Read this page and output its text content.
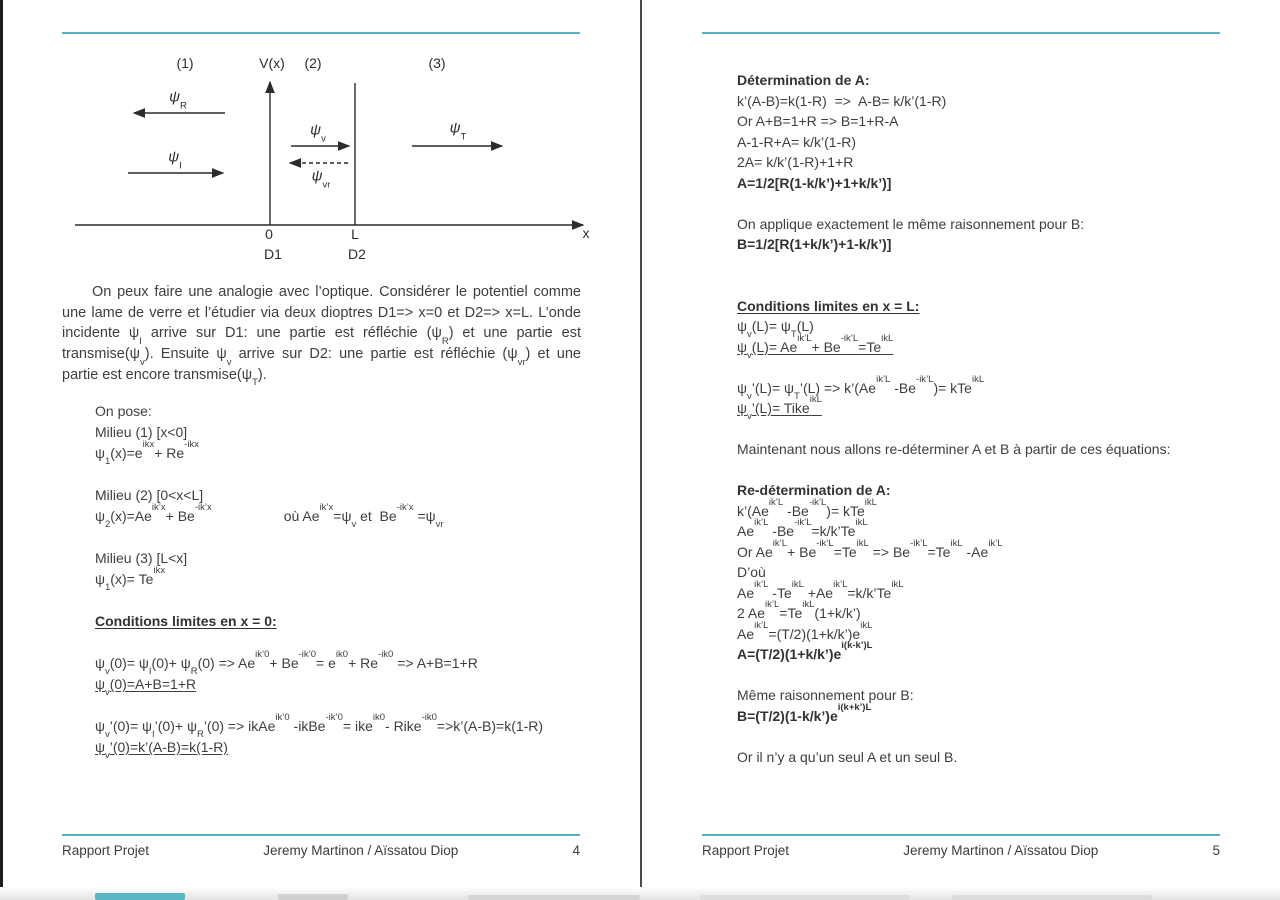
(1)	V(x) (2)	(3)
$\psi_R$
$\psi_I$
$\psi_v$
$\psi_{vr}$
$\psi_T$
0	L	x
D1	D2
On peux faire une analogie avec l’optique. Considérer le potentiel comme une lame de verre et l’étudier via deux dioptres D1=> x=0 et D2=> x=L. L’onde incidente $\psi_I$ arrive sur D1: une partie est réfléchie $(\psi_R)$ et une partie est $transmise(\psi_v)$. Ensuite $\psi_v$ arrive sur D2: une partie est réfléchie $(\psi_{vr})$ et une partie est encore $transmise(\psi_T)$.
On pose:
Milieu (1) [x<0]
$\psi_1(x)=e^{ikx}+ Re^{-ikx}$
Milieu (2) [0<x<L]
$\psi_2(x)=Ae^{ik’x}+$ $Be^{-ik’x}où$ $Ae^{ik’x}=\psi_v$ et  $Be^{-ik’x} =\psi_{vr}$
Milieu (3) [L<x]
$\psi_1(x)= Te^{ikx}$
Conditions limites en x = 0:
$\psi_v(0)= \psi_I(0)+ \psi_R(0) => Ae^{ik’0}+ Be^{-ik’0}= e^{ik0}+ Re^{-ik0} => A+B=1+R$
$\psi_v(0)=A+B=1+R$
$\psi_v’(0)=$ $\psi_I’(0)+$ $\psi_R’(0)$ => ikAe$^{ik’0}$ -ikBe$^{-ik’0}$= ike$^{ik0}$- Rike$^{-ik0}$=>k’(A-B)=k(1-R)
$\psi_v’(0)=k’(A-B)=k(1-R)$
Rapport Projet	Jeremy Martinon / Aïssatou Diop	4
Détermination de A:
k’(A-B)=k(1-R)  =>  A-B= k/k’(1-R)
Or A+B=1+R => B=1+R-A
A-1-R+A= k/k’(1-R)
2A= k/k’(1-R)+1+R
A=1/2[R(1-k/k’)+1+k/k’)]
On applique exactement le même raisonnement pour B:
B=1/2[R(1+k/k’)+1-k/k’)]
Conditions limites en x = L:
$\psi_v(L)= \psi_T(L)$
$\psi_v(L)= Ae^{ik’L}+ Be^{-ik’L}=Te^{ikL}$
$\psi_v’(L)=$ $\psi_T’(L)$ => $k’(Ae^{ik’L}$ $-Be^{-ik’L})= kTe^{ikL}$
$\psi_v’(L)=$ Tike$^{ikL}$
Maintenant nous allons re-déterminer A et B à partir de ces équations:
Re-détermination de A:
$k’(Ae^{ik’L}$ $-Be^{-ik’L})= kTe^{ikL}$
$Ae^{ik’L}$ $-Be^{-ik’L}=k/k’Te^{ikL}$
Or $Ae^{ik’L}+ Be^{-ik’L}=Te^{ikL} => Be^{-ik’L}=Te^{ikL}$ $-Ae^{ik’L}$
D’où
$Ae^{ik’L}$ $-Te^{ikL}$ $+Ae^{ik’L}=k/k’Te^{ikL}$
2 $Ae^{ik’L}=Te^{ikL}(1+k/k’)$
$Ae^{ik’L}=(T/2)(1+k/k’)e^{ikL}$
$A=(T/2)(1+k/k’)e^{i(k-k’)L}$
Même raisonnement pour B:
$B=(T/2)(1-k/k’)e^{i(k+k’)L}$
Or il n’y a qu’un seul A et un seul B.
Rapport Projet	Jeremy Martinon / Aïssatou Diop	5
